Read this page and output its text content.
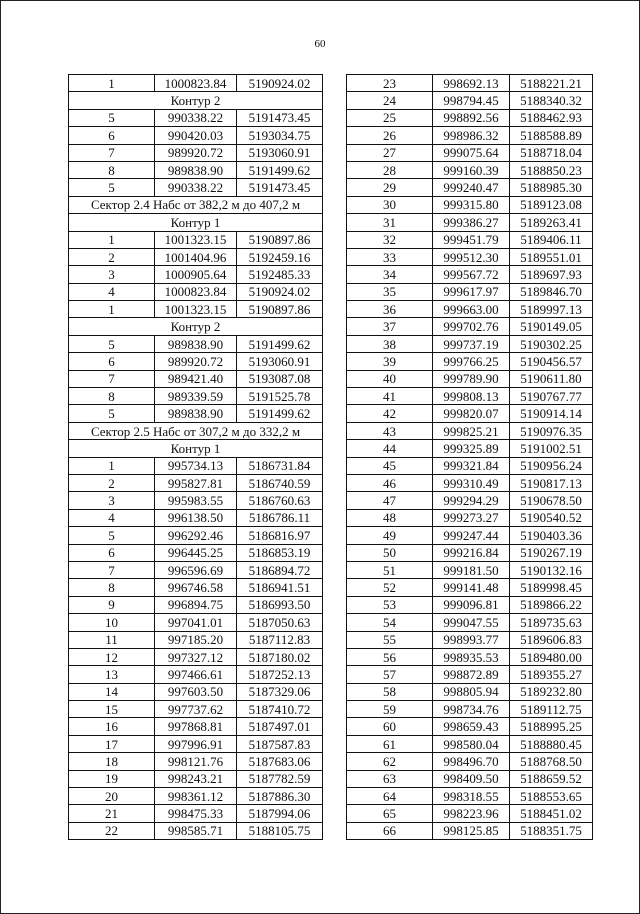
60
1	1000823.84	5190924.02
Контур 2		
5	990338.22	5191473.45
6	990420.03	5193034.75
7	989920.72	5193060.91
8	989838.90	5191499.62
5	990338.22	5191473.45
Сектор 2.4 Набс от 382,2 м до 407,2 м		
Контур 1		
1	1001323.15	5190897.86
2	1001404.96	5192459.16
3	1000905.64	5192485.33
4	1000823.84	5190924.02
1	1001323.15	5190897.86
Контур 2		
5	989838.90	5191499.62
6	989920.72	5193060.91
7	989421.40	5193087.08
8	989339.59	5191525.78
5	989838.90	5191499.62
Сектор 2.5 Набс от 307,2 м до 332,2 м		
Контур 1		
1	995734.13	5186731.84
2	995827.81	5186740.59
3	995983.55	5186760.63
4	996138.50	5186786.11
5	996292.46	5186816.97
6	996445.25	5186853.19
7	996596.69	5186894.72
8	996746.58	5186941.51
9	996894.75	5186993.50
10	997041.01	5187050.63
11	997185.20	5187112.83
12	997327.12	5187180.02
13	997466.61	5187252.13
14	997603.50	5187329.06
15	997737.62	5187410.72
16	997868.81	5187497.01
17	997996.91	5187587.83
18	998121.76	5187683.06
19	998243.21	5187782.59
20	998361.12	5187886.30
21	998475.33	5187994.06
22	998585.71	5188105.75
23	998692.13	5188221.21
24	998794.45	5188340.32
25	998892.56	5188462.93
26	998986.32	5188588.89
27	999075.64	5188718.04
28	999160.39	5188850.23
29	999240.47	5188985.30
30	999315.80	5189123.08
31	999386.27	5189263.41
32	999451.79	5189406.11
33	999512.30	5189551.01
34	999567.72	5189697.93
35	999617.97	5189846.70
36	999663.00	5189997.13
37	999702.76	5190149.05
38	999737.19	5190302.25
39	999766.25	5190456.57
40	999789.90	5190611.80
41	999808.13	5190767.77
42	999820.07	5190914.14
43	999825.21	5190976.35
44	999325.89	5191002.51
45	999321.84	5190956.24
46	999310.49	5190817.13
47	999294.29	5190678.50
48	999273.27	5190540.52
49	999247.44	5190403.36
50	999216.84	5190267.19
51	999181.50	5190132.16
52	999141.48	5189998.45
53	999096.81	5189866.22
54	999047.55	5189735.63
55	998993.77	5189606.83
56	998935.53	5189480.00
57	998872.89	5189355.27
58	998805.94	5189232.80
59	998734.76	5189112.75
60	998659.43	5188995.25
61	998580.04	5188880.45
62	998496.70	5188768.50
63	998409.50	5188659.52
64	998318.55	5188553.65
65	998223.96	5188451.02
66	998125.85	5188351.75
